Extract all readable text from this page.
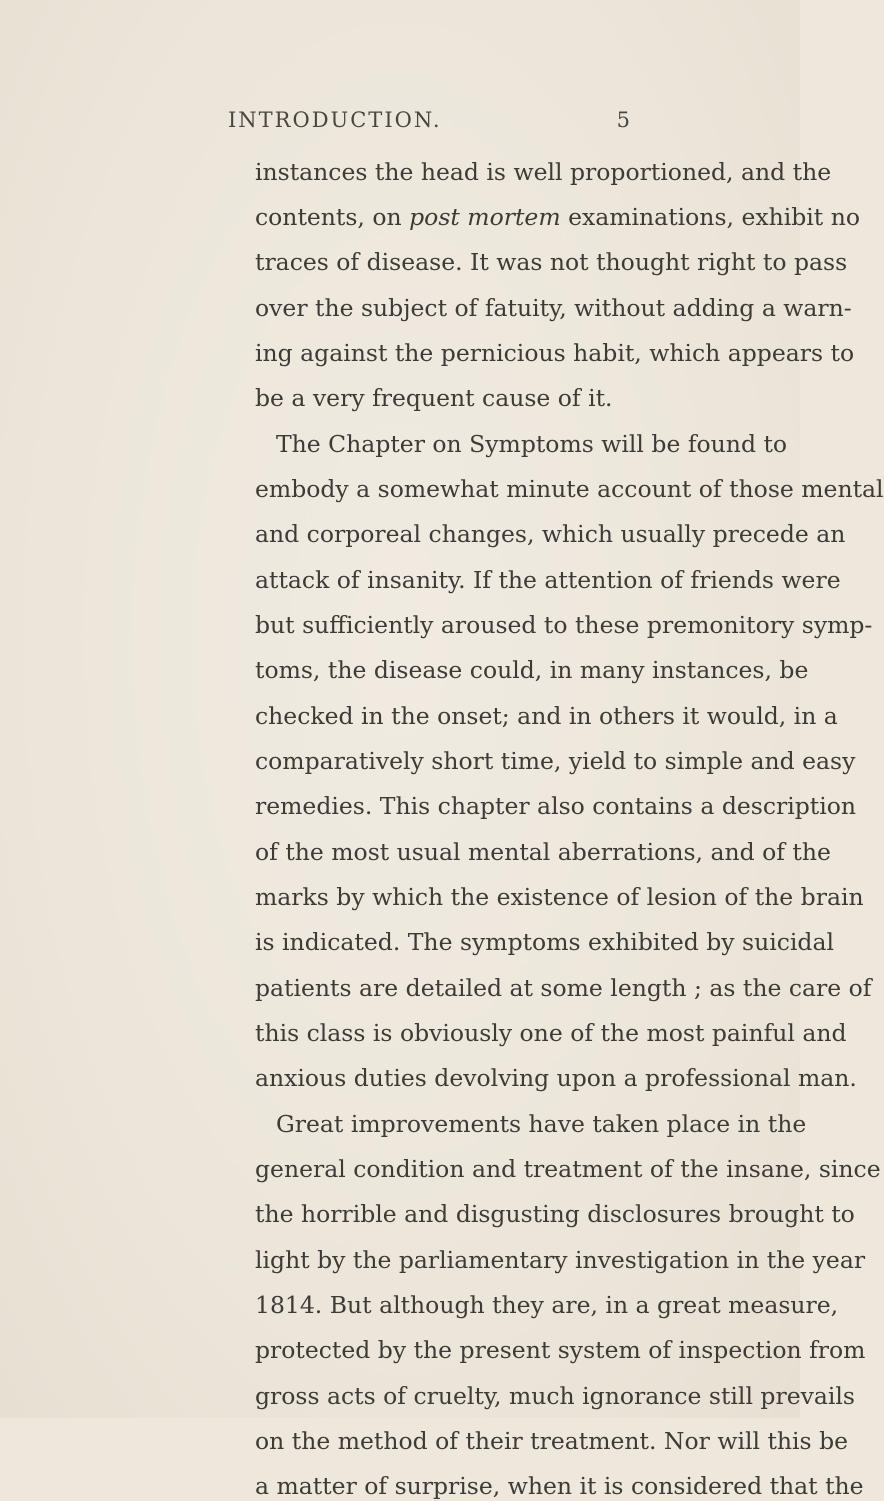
INTRODUCTION.	5
instances the head is well proportioned, and the
contents, on post mortem examinations, exhibit no
traces of disease. It was not thought right to pass
over the subject of fatuity, without adding a warn-
ing against the pernicious habit, which appears to
be a very frequent cause of it.
The Chapter on Symptoms will be found to
embody a somewhat minute account of those mental
and corporeal changes, which usually precede an
attack of insanity. If the attention of friends were
but sufficiently aroused to these premonitory symp-
toms, the disease could, in many instances, be
checked in the onset; and in others it would, in a
comparatively short time, yield to simple and easy
remedies. This chapter also contains a description
of the most usual mental aberrations, and of the
marks by which the existence of lesion of the brain
is indicated. The symptoms exhibited by suicidal
patients are detailed at some length ; as the care of
this class is obviously one of the most painful and
anxious duties devolving upon a professional man.
Great improvements have taken place in the
general condition and treatment of the insane, since
the horrible and disgusting disclosures brought to
light by the parliamentary investigation in the year
1814. But although they are, in a great measure,
protected by the present system of inspection from
gross acts of cruelty, much ignorance still prevails
on the method of their treatment. Nor will this be
a matter of surprise, when it is considered that the
